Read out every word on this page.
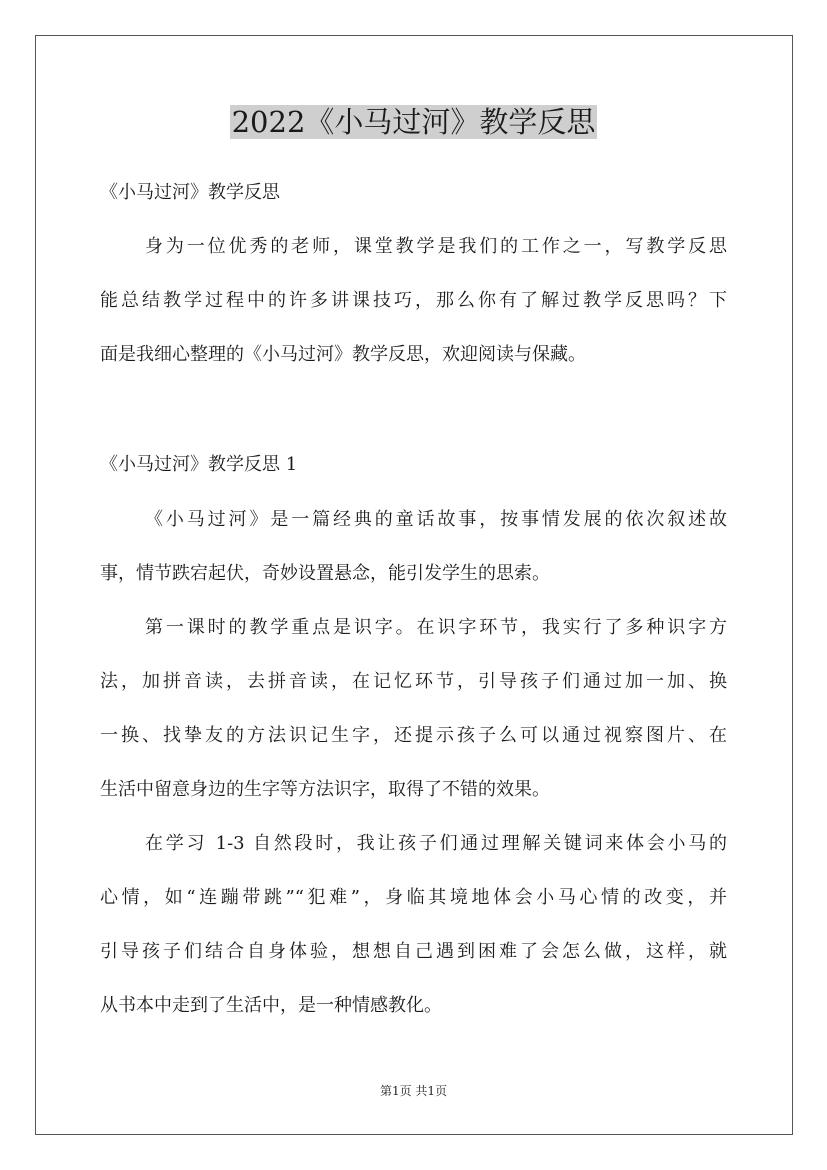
2022《小马过河》教学反思
《小马过河》教学反思
身为一位优秀的老师，课堂教学是我们的工作之一，写教学反思
能总结教学过程中的许多讲课技巧，那么你有了解过教学反思吗？下
面是我细心整理的《小马过河》教学反思，欢迎阅读与保藏。
《小马过河》教学反思 1
《小马过河》是一篇经典的童话故事，按事情发展的依次叙述故
事，情节跌宕起伏，奇妙设置悬念，能引发学生的思索。
第一课时的教学重点是识字。在识字环节，我实行了多种识字方
法，加拼音读，去拼音读，在记忆环节，引导孩子们通过加一加、换
一换、找挚友的方法识记生字，还提示孩子么可以通过视察图片、在
生活中留意身边的生字等方法识字，取得了不错的效果。
在学习 1-3 自然段时，我让孩子们通过理解关键词来体会小马的
心情，如“连蹦带跳”“犯难”，身临其境地体会小马心情的改变，并
引导孩子们结合自身体验，想想自己遇到困难了会怎么做，这样，就
从书本中走到了生活中，是一种情感教化。
第1页 共1页
